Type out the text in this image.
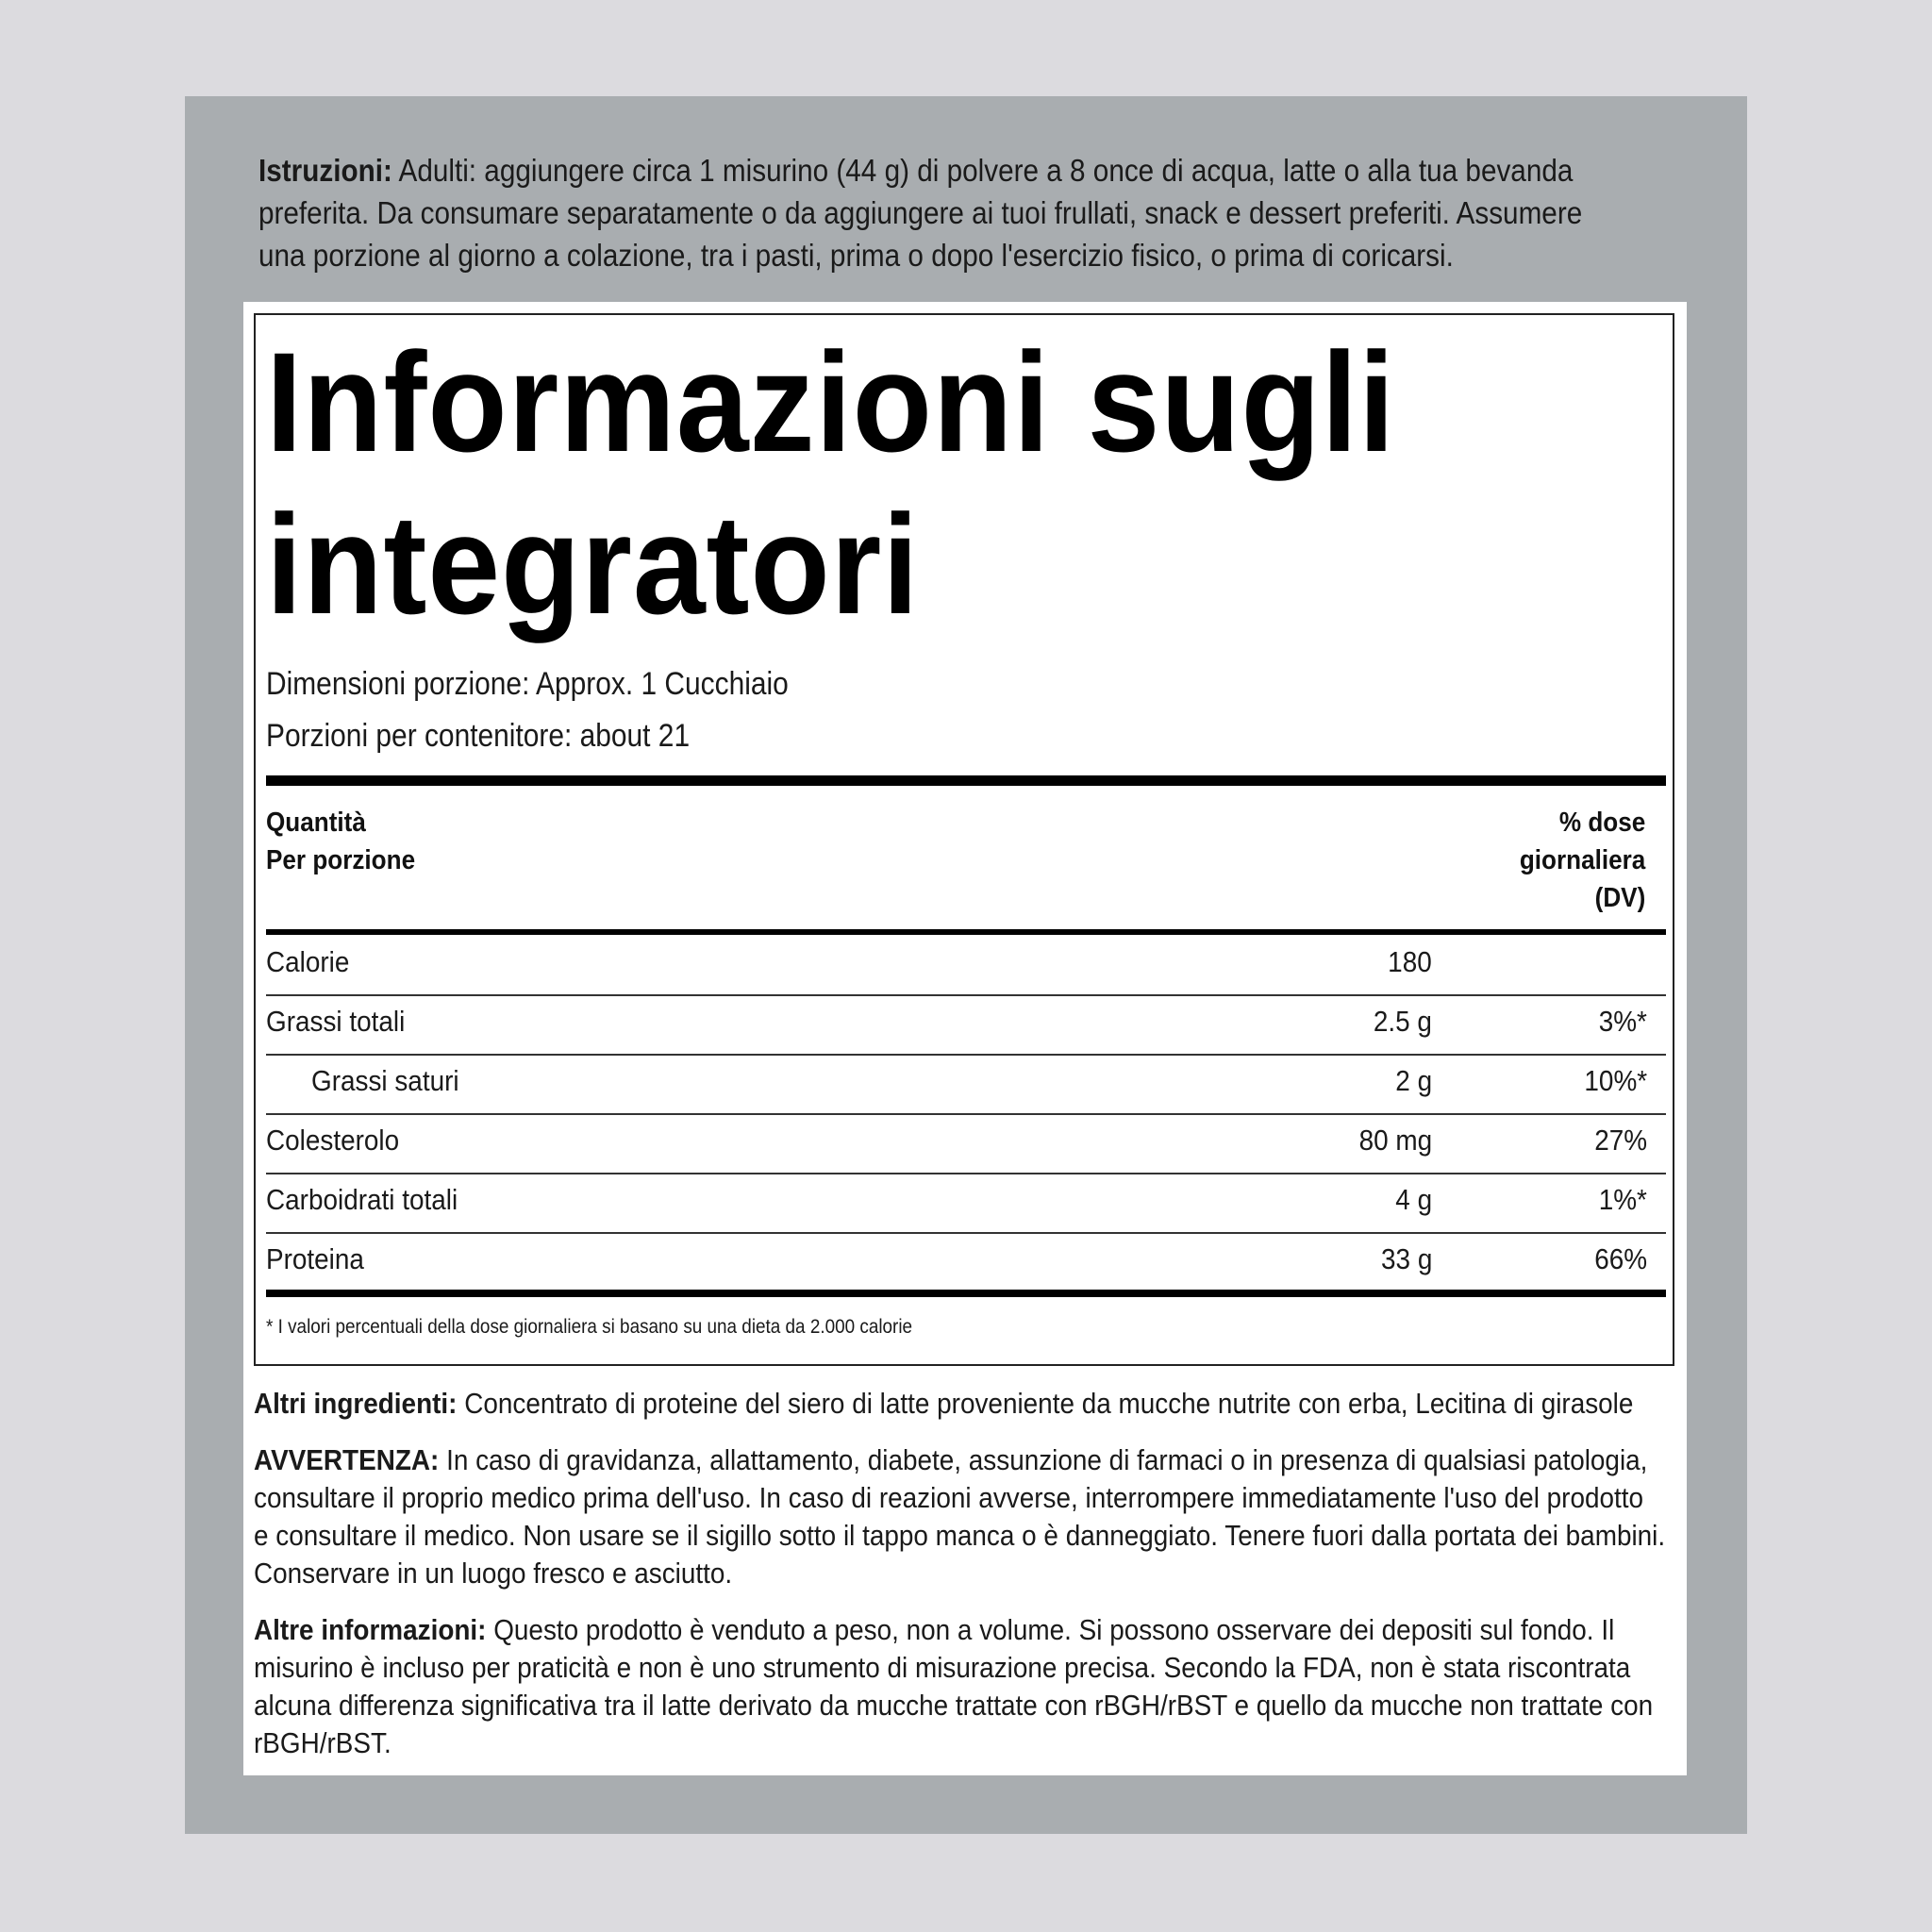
Istruzioni: Adulti: aggiungere circa 1 misurino (44 g) di polvere a 8 once di acqua, latte o alla tua bevanda
preferita. Da consumare separatamente o da aggiungere ai tuoi frullati, snack e dessert preferiti. Assumere
una porzione al giorno a colazione, tra i pasti, prima o dopo l'esercizio fisico, o prima di coricarsi.
Informazioni sugli
integratori
Dimensioni porzione: Approx. 1 Cucchiaio
Porzioni per contenitore: about 21
Quantità
Per porzione
% dose
giornaliera
(DV)
Calorie	180
Grassi totali	2.5 g	3%*
Grassi saturi	2 g	10%*
Colesterolo	80 mg	27%
Carboidrati totali	4 g	1%*
Proteina	33 g	66%
* I valori percentuali della dose giornaliera si basano su una dieta da 2.000 calorie
Altri ingredienti: Concentrato di proteine del siero di latte proveniente da mucche nutrite con erba, Lecitina di girasole
AVVERTENZA: In caso di gravidanza, allattamento, diabete, assunzione di farmaci o in presenza di qualsiasi patologia,
consultare il proprio medico prima dell'uso. In caso di reazioni avverse, interrompere immediatamente l'uso del prodotto
e consultare il medico. Non usare se il sigillo sotto il tappo manca o è danneggiato. Tenere fuori dalla portata dei bambini.
Conservare in un luogo fresco e asciutto.
Altre informazioni: Questo prodotto è venduto a peso, non a volume. Si possono osservare dei depositi sul fondo. Il
misurino è incluso per praticità e non è uno strumento di misurazione precisa. Secondo la FDA, non è stata riscontrata
alcuna differenza significativa tra il latte derivato da mucche trattate con rBGH/rBST e quello da mucche non trattate con
rBGH/rBST.
